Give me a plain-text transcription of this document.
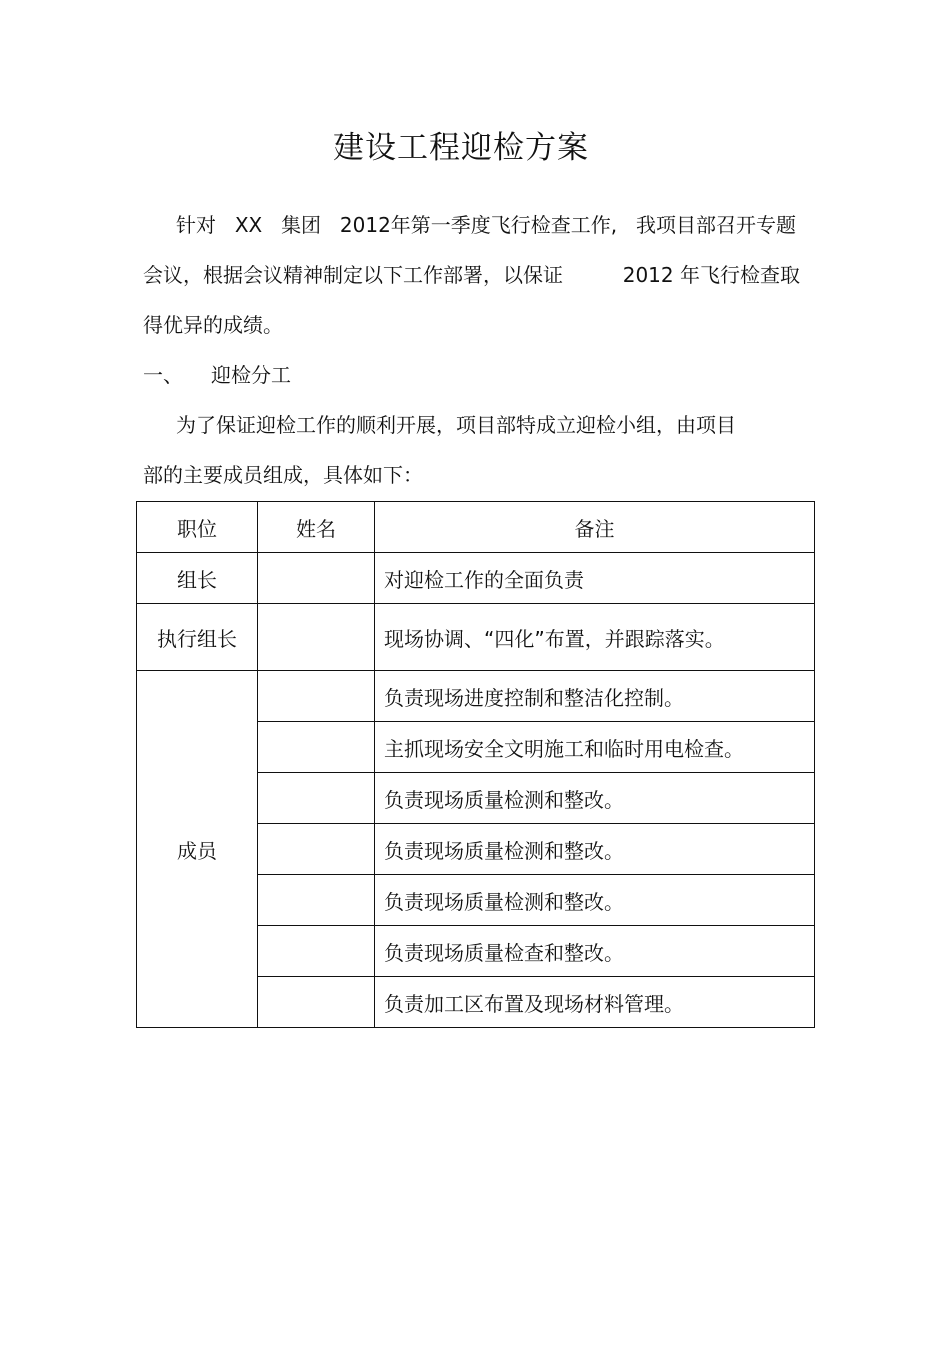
建设工程迎检方案
针对 XX 集团 2012年第一季度飞行检查工作, 我项目部召开专题
会议，根据会议精神制定以下工作部署，以保证	2012 年飞行检查取
得优异的成绩。
一、 迎检分工
为了保证迎检工作的顺利开展，项目部特成立迎检小组，由项目
部的主要成员组成，具体如下：
职位	姓名	备注
组长		对迎检工作的全面负责
执行组长		现场协调、“四化”布置，并跟踪落实。
成员		负责现场进度控制和整洁化控制。
		主抓现场安全文明施工和临时用电检查。
		负责现场质量检测和整改。
		负责现场质量检测和整改。
		负责现场质量检测和整改。
		负责现场质量检查和整改。
		负责加工区布置及现场材料管理。
